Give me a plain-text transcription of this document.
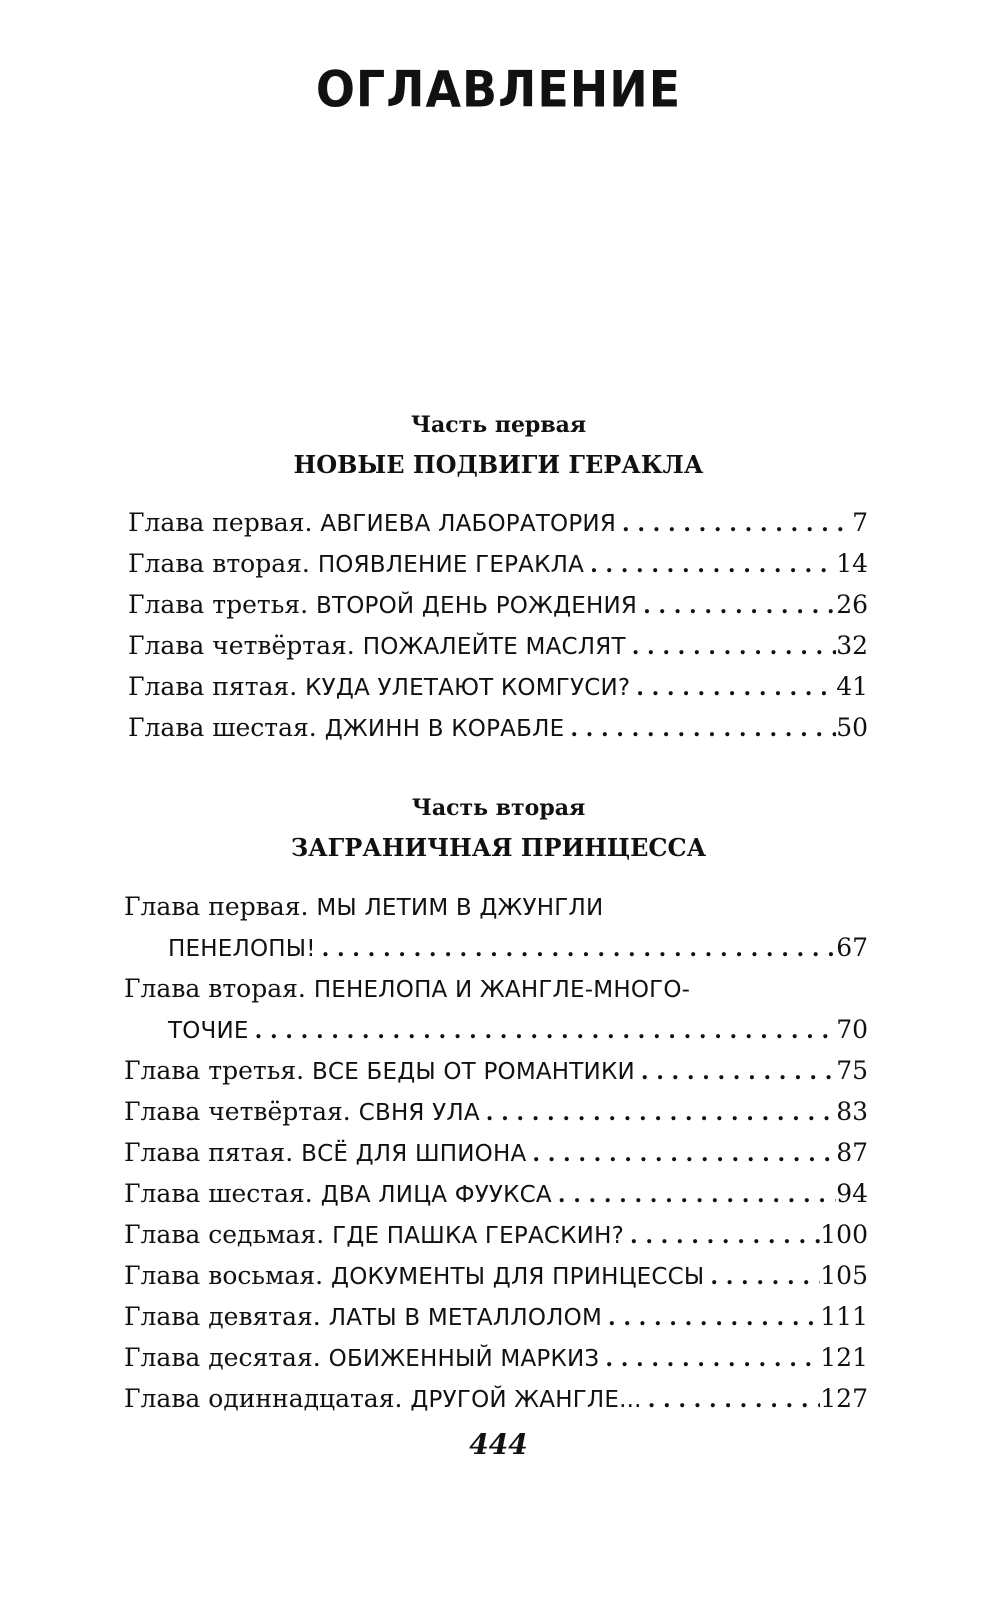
ОГЛАВЛЕНИЕ
Часть первая
НОВЫЕ ПОДВИГИ ГЕРАКЛА
Глава первая.
АВГИЕВА ЛАБОРАТОРИЯ . . .	7
Глава вторая.
ПОЯВЛЕНИЕ ГЕРАКЛА . . .	14
Глава третья.
ВТОРОЙ ДЕНЬ РОЖДЕНИЯ . . .	26
Глава четвёртая.
ПОЖАЛЕЙТЕ МАСЛЯТ . . .	32
Глава пятая.
КУДА УЛЕТАЮТ КОМГУСИ? . . .	41
Глава шестая.
ДЖИНН В КОРАБЛЕ . . .	50
Часть вторая
ЗАГРАНИЧНАЯ ПРИНЦЕССА
Глава первая. МЫ ЛЕТИМ В ДЖУНГЛИ
ПЕНЕЛОПЫ! . . .	67
Глава вторая. ПЕНЕЛОПА И ЖАНГЛЕ-МНОГО-
ТОЧИЕ . . .	70
Глава третья.
ВСЕ БЕДЫ ОТ РОМАНТИКИ . . .	75
Глава четвёртая.
СВНЯ УЛА . . .	83
Глава пятая.
ВСЁ ДЛЯ ШПИОНА . . .	87
Глава шестая.
ДВА ЛИЦА ФУУКСА . . .	94
Глава седьмая.
ГДЕ ПАШКА ГЕРАСКИН? . . .	100
Глава восьмая.
ДОКУМЕНТЫ ДЛЯ ПРИНЦЕССЫ . . .	105
Глава девятая.
ЛАТЫ В МЕТАЛЛОЛОМ . . .	111
Глава десятая.
ОБИЖЕННЫЙ МАРКИЗ . . .	121
Глава одиннадцатая.
ДРУГОЙ ЖАНГЛЕ... . . .	127

444
